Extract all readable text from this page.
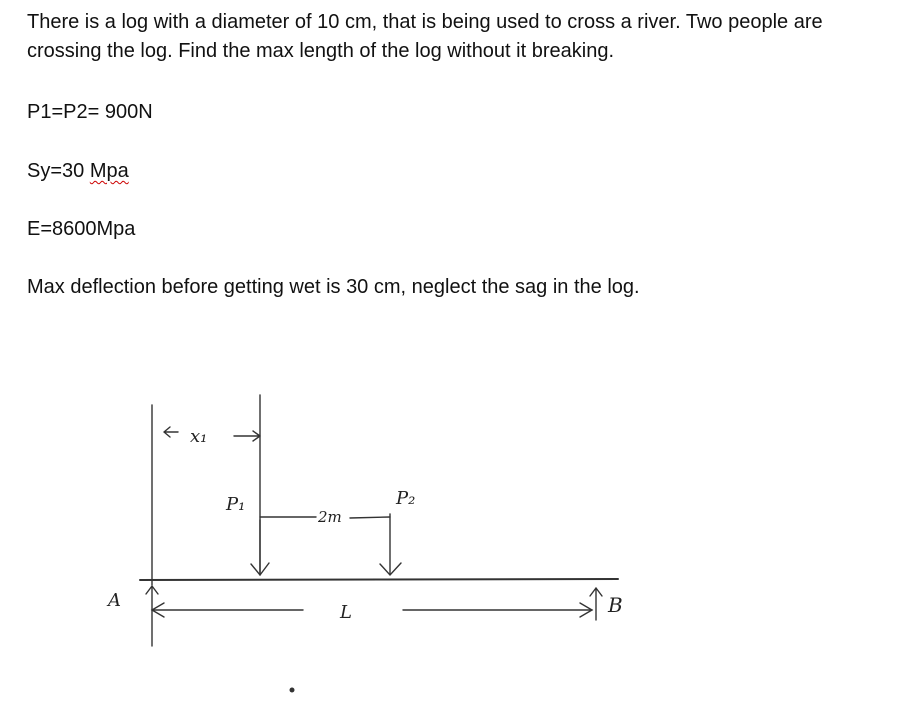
There is a log with a diameter of 10 cm, that is being used to cross a river. Two people are
crossing the log. Find the max length of the log without it breaking.

P1=P2= 900N

Sy=30 Mpa

E=8600Mpa

Max deflection before getting wet is 30 cm, neglect the sag in the log.

A	B
x₁
P₁	P₂
2m
L
